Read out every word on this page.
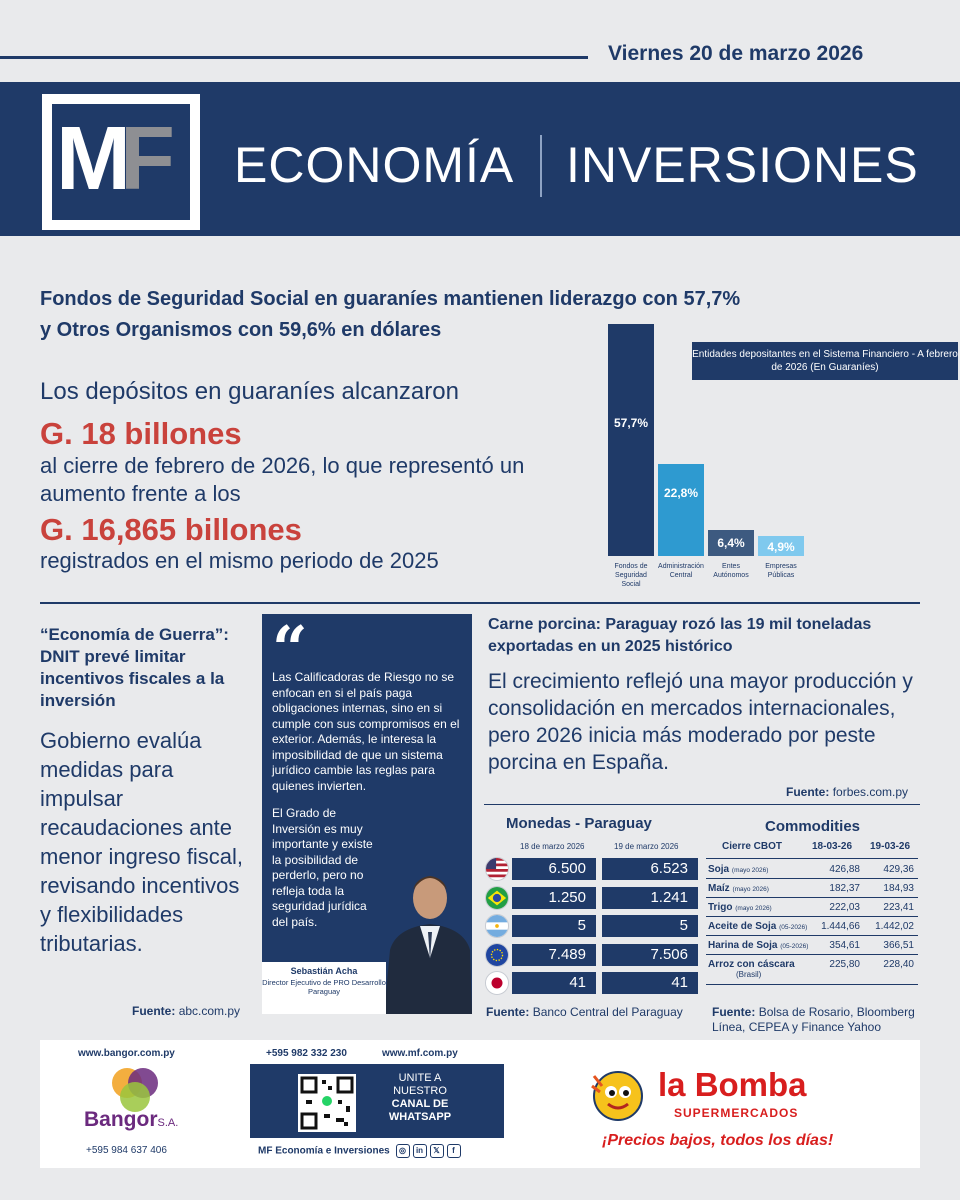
Viernes 20 de marzo 2026
M
F ECONOMÍA INVERSIONES
Fondos de Seguridad Social en guaraníes mantienen liderazgo con 57,7%
y Otros Organismos con 59,6% en dólares
Los depósitos en guaraníes alcanzaron
G. 18 billones
al cierre de febrero de 2026, lo que representó un aumento frente a los
G. 16,865 billones
registrados en el mismo periodo de 2025
Entidades depositantes en el Sistema Financiero - A febrero de 2026 (En Guaraníes)
57,7%
Fondos de Seguridad Social
22,8%
Administración Central
6,4%
Entes Autónomos
4,9%
Empresas Públicas
“Economía de Guerra”: DNIT prevé limitar incentivos fiscales a la inversión
Gobierno evalúa medidas para impulsar recaudaciones ante menor ingreso fiscal, revisando incentivos y flexibilidades tributarias.
Fuente: abc.com.py
“
Las Calificadoras de Riesgo no se enfocan en si el país paga obligaciones internas, sino en si cumple con sus compromisos en el exterior. Además, le interesa la imposibilidad de que un sistema jurídico cambie las reglas para quienes invierten.
El Grado de Inversión es muy importante y existe la posibilidad de perderlo, pero no refleja toda la seguridad jurídica del país.
Sebastián Acha
Director Ejecutivo de PRO Desarrollo Paraguay
Carne porcina: Paraguay rozó las 19 mil toneladas exportadas en un 2025 histórico
El crecimiento reflejó una mayor producción y consolidación en mercados internacionales, pero 2026 inicia más moderado por peste porcina en España.
Fuente: forbes.com.py
Monedas - Paraguay
18 de marzo 2026	19 de marzo 2026
6.500	6.523
1.250	1.241
5	5
7.489	7.506
41	41
Fuente: Banco Central del Paraguay
Commodities
Cierre CBOT	18-03-26 19-03-26
Soja (mayo 2026)	426,88	429,36
Maíz (mayo 2026)	182,37	184,93
Trigo (mayo 2026)	222,03	223,41
Aceite de Soja (05-2026)	1.444,66	1.442,02
Harina de Soja (05-2026)	354,61	366,51
Arroz con cáscara
(Brasil)
225,80	228,40
Fuente: Bolsa de Rosario, Bloomberg Línea, CEPEA y Finance Yahoo
www.bangor.com.py
BangorS.A.
+595 984 637 406
+595 982 332 230	www.mf.com.py
UNITE A
NUESTRO
CANAL DE
WHATSAPP
MF Economía e Inversiones ◎ in 𝕏 f
la Bomba
SUPERMERCADOS
¡Precios bajos, todos los días!
